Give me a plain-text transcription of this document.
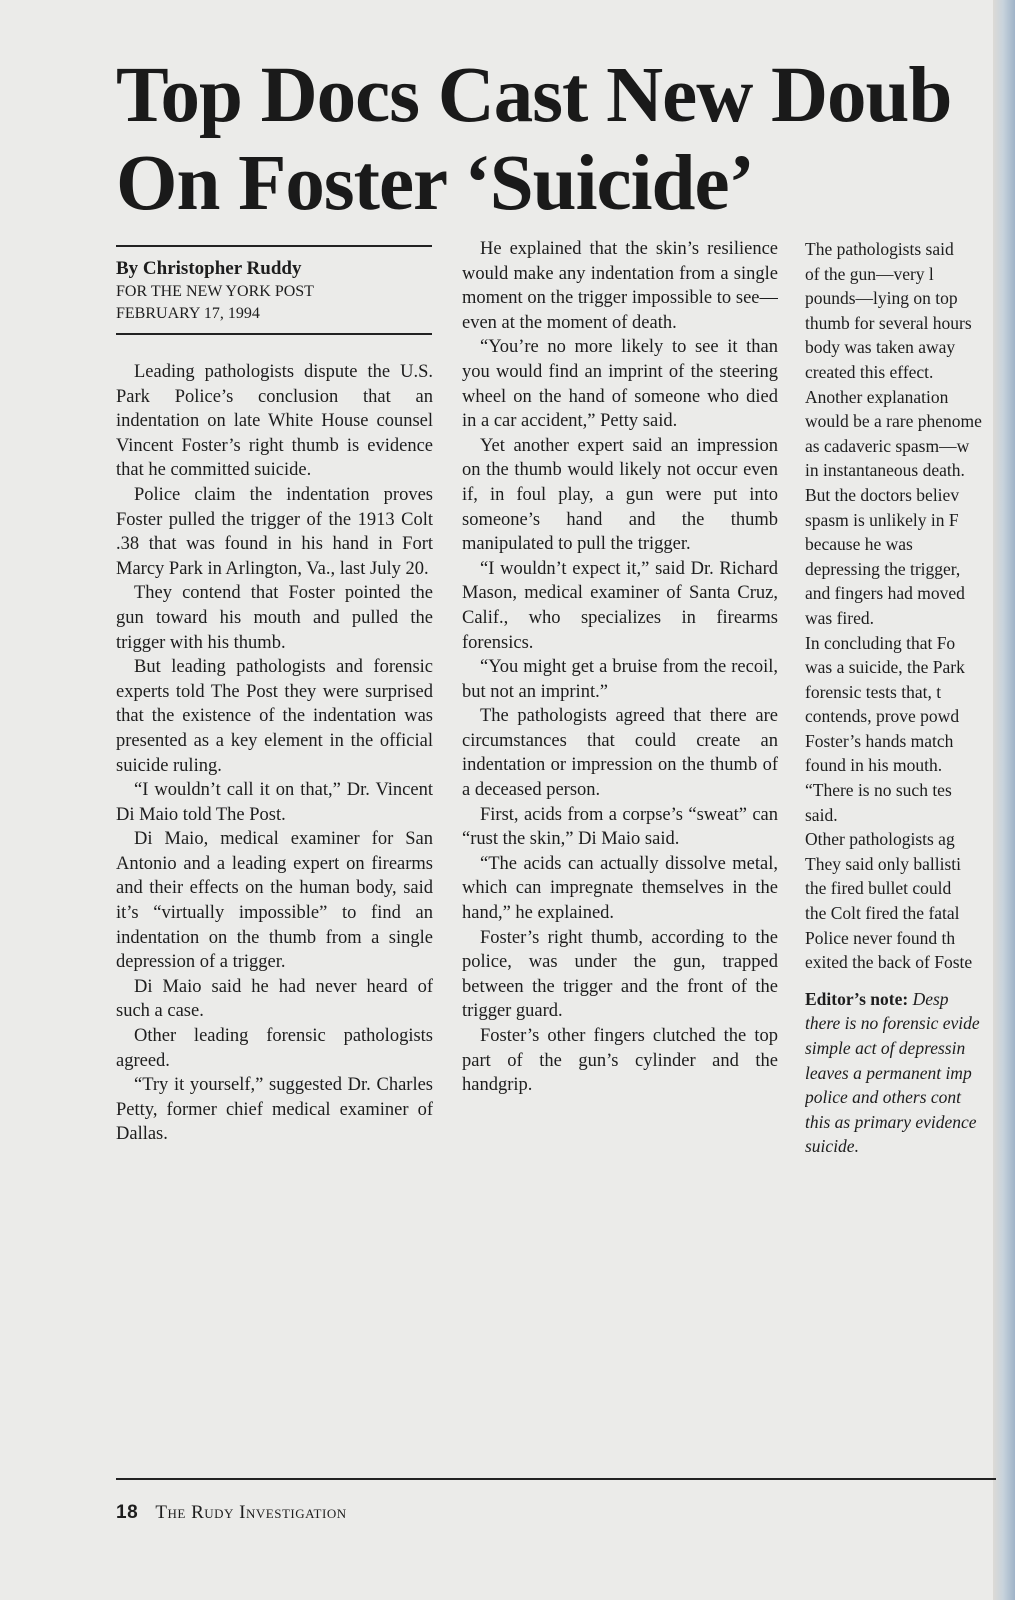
Top Docs Cast New Doub
On Foster ‘Suicide’

By Christopher Ruddy

FOR THE NEW YORK POST

FEBRUARY 17, 1994

Leading pathologists dispute the U.S. Park Police’s conclusion that an indentation on late White House counsel Vincent Foster’s right thumb is evidence that he committed suicide.

Police claim the indentation proves Foster pulled the trigger of the 1913 Colt .38 that was found in his hand in Fort Marcy Park in Arlington, Va., last July 20.

They contend that Foster pointed the gun toward his mouth and pulled the trigger with his thumb.

But leading pathologists and forensic experts told The Post they were surprised that the existence of the indentation was presented as a key element in the official suicide ruling.

“I wouldn’t call it on that,” Dr. Vincent Di Maio told The Post.

Di Maio, medical examiner for San Antonio and a leading expert on firearms and their effects on the human body, said it’s “virtually impossible” to find an indentation on the thumb from a single depression of a trigger.

Di Maio said he had never heard of such a case.

Other leading forensic pathologists agreed.

“Try it yourself,” suggested Dr. Charles Petty, former chief medical examiner of Dallas.

He explained that the skin’s resilience would make any indentation from a single moment on the trigger impossible to see—even at the moment of death.

“You’re no more likely to see it than you would find an imprint of the steering wheel on the hand of someone who died in a car accident,” Petty said.

Yet another expert said an impression on the thumb would likely not occur even if, in foul play, a gun were put into someone’s hand and the thumb manipulated to pull the trigger.

“I wouldn’t expect it,” said Dr. Richard Mason, medical examiner of Santa Cruz, Calif., who specializes in firearms forensics.

“You might get a bruise from the recoil, but not an imprint.”

The pathologists agreed that there are circumstances that could create an indentation or impression on the thumb of a deceased person.

First, acids from a corpse’s “sweat” can “rust the skin,” Di Maio said.

“The acids can actually dissolve metal, which can impregnate themselves in the hand,” he explained.

Foster’s right thumb, according to the police, was under the gun, trapped between the trigger and the front of the trigger guard.

Foster’s other fingers clutched the top part of the gun’s cylinder and the handgrip.

The pathologists said
of the gun—very l
pounds—lying on top
thumb for several hours
body was taken away
created this effect.
Another explanation
would be a rare phenome
as cadaveric spasm—w
in instantaneous death.
But the doctors believ
spasm is unlikely in F
because he was
depressing the trigger,
and fingers had moved
was fired.
In concluding that Fo
was a suicide, the Park
forensic tests that, t
contends, prove powd
Foster’s hands match
found in his mouth.
“There is no such tes
said.
Other pathologists ag
They said only ballisti
the fired bullet could
the Colt fired the fatal
Police never found th
exited the back of Foste
Editor’s note: Desp
there is no forensic evide
simple act of depressin
leaves a permanent imp
police and others cont
this as primary evidence
suicide.
18 The Rudy Investigation
